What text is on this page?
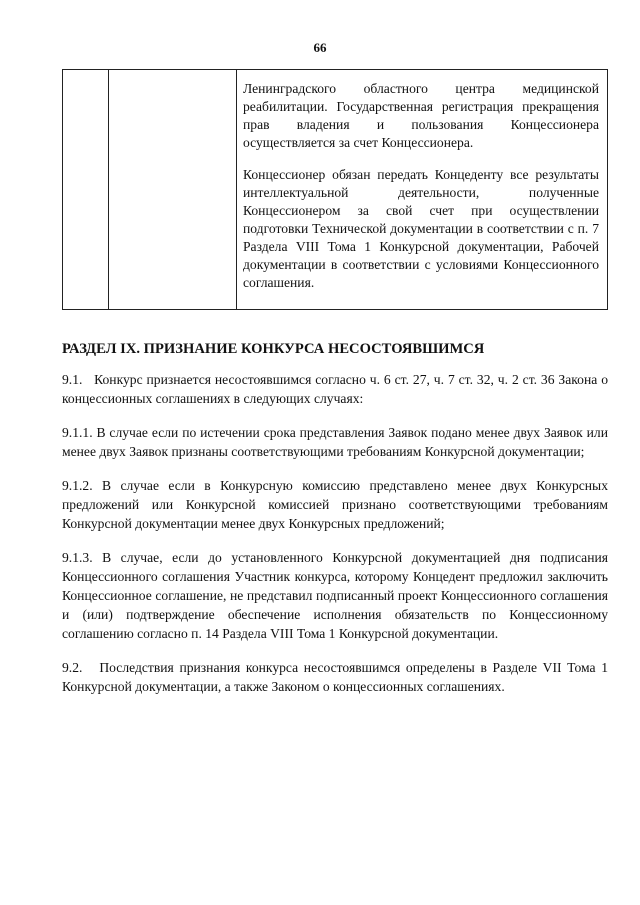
66

Ленинградского областного центра медицинской реабилитации. Государственная регистрация прекращения прав владения и пользования Концессионера осуществляется за счет Концессионера.

Концессионер обязан передать Концеденту все результаты интеллектуальной деятельности, полученные Концессионером за свой счет при осуществлении подготовки Технической документации в соответствии с п. 7 Раздела VIII Тома 1 Конкурсной документации, Рабочей документации в соответствии с условиями Концессионного соглашения.

РАЗДЕЛ IX. ПРИЗНАНИЕ КОНКУРСА НЕСОСТОЯВШИМСЯ

9.1.   Конкурс признается несостоявшимся согласно ч. 6 ст. 27, ч. 7 ст. 32, ч. 2 ст. 36 Закона о концессионных соглашениях в следующих случаях:

9.1.1. В случае если по истечении срока представления Заявок подано менее двух Заявок или менее двух Заявок признаны соответствующими требованиям Конкурсной документации;

9.1.2. В случае если в Конкурсную комиссию представлено менее двух Конкурсных предложений или Конкурсной комиссией признано соответствующими требованиям Конкурсной документации менее двух Конкурсных предложений;

9.1.3. В случае, если до установленного Конкурсной документацией дня подписания Концессионного соглашения Участник конкурса, которому Концедент предложил заключить Концессионное соглашение, не представил подписанный проект Концессионного соглашения и (или) подтверждение обеспечение исполнения обязательств по Концессионному соглашению согласно п. 14 Раздела VIII Тома 1 Конкурсной документации.

9.2.   Последствия признания конкурса несостоявшимся определены в Разделе VII Тома 1 Конкурсной документации, а также Законом о концессионных соглашениях.
